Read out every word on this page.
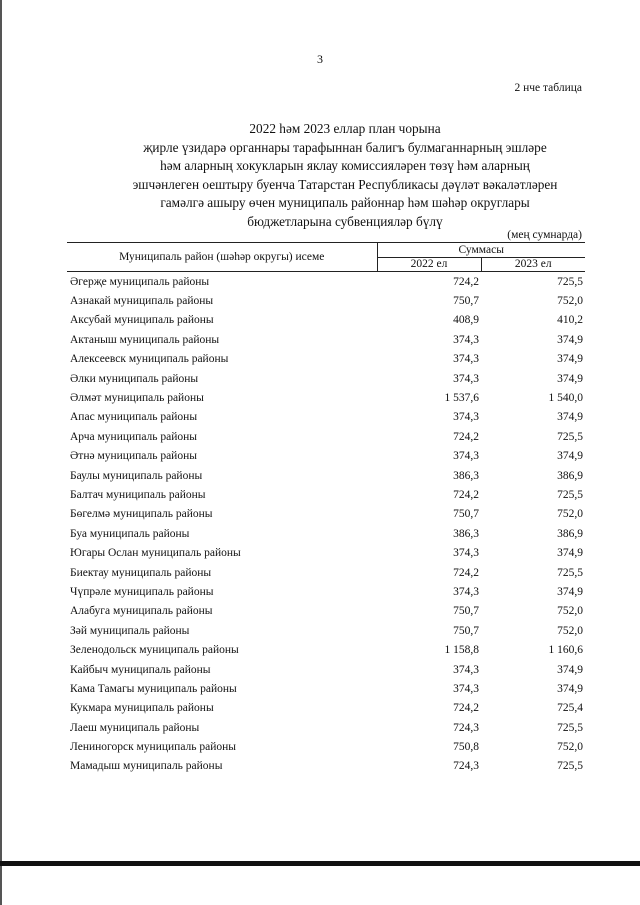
3
2 нче таблица
2022 һәм 2023 еллар план чорына
җирле үзидарә органнары тарафыннан балигъ булмаганнарның эшләре
һәм аларның хокукларын яклау комиссияләрен төзү һәм аларның
эшчәнлеген оештыру буенча Татарстан Республикасы дәүләт вәкаләтләрен
гамәлгә ашыру өчен муниципаль районнар һәм шәһәр округлары
бюджетларына субвенцияләр бүлү
(мең сумнарда)
Муниципаль район (шәһәр округы) исеме	Суммасы	
	2022 ел	2023 ел
Әгерҗе муниципаль районы	724,2	725,5
Азнакай муниципаль районы	750,7	752,0
Аксубай муниципаль районы	408,9	410,2
Актаныш муниципаль районы	374,3	374,9
Алексеевск муниципаль районы	374,3	374,9
Әлки муниципаль районы	374,3	374,9
Әлмәт муниципаль районы	1 537,6	1 540,0
Апас муниципаль районы	374,3	374,9
Арча муниципаль районы	724,2	725,5
Әтнә муниципаль районы	374,3	374,9
Баулы муниципаль районы	386,3	386,9
Балтач муниципаль районы	724,2	725,5
Бөгелмә муниципаль районы	750,7	752,0
Буа муниципаль районы	386,3	386,9
Югары Ослан муниципаль районы	374,3	374,9
Биектау муниципаль районы	724,2	725,5
Чүпрәле муниципаль районы	374,3	374,9
Алабуга муниципаль районы	750,7	752,0
Зәй муниципаль районы	750,7	752,0
Зеленодольск муниципаль районы	1 158,8	1 160,6
Кайбыч муниципаль районы	374,3	374,9
Кама Тамагы муниципаль районы	374,3	374,9
Кукмара муниципаль районы	724,2	725,4
Лаеш муниципаль районы	724,3	725,5
Лениногорск муниципаль районы	750,8	752,0
Мамадыш муниципаль районы	724,3	725,5
